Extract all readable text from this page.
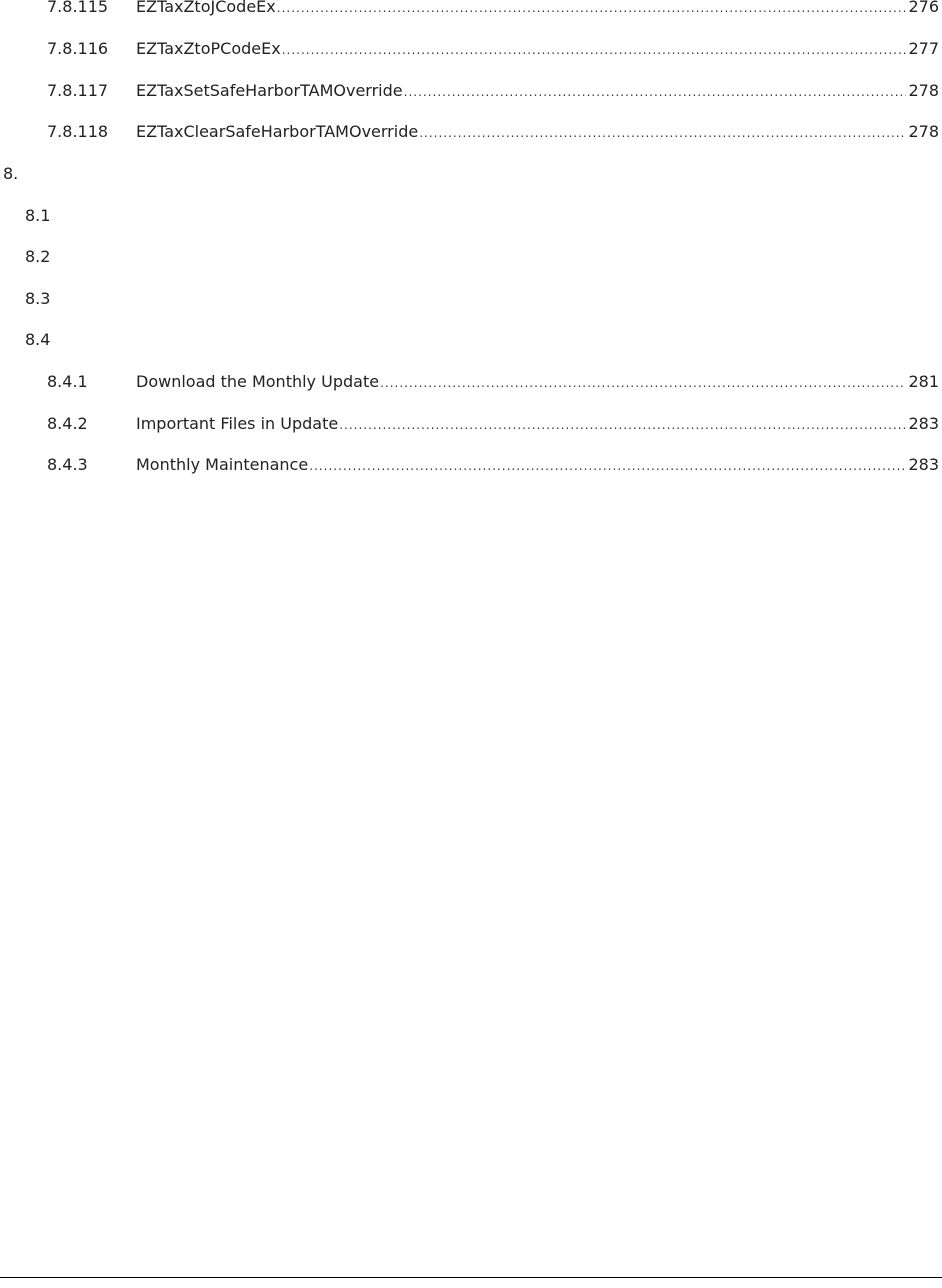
7.8.115 EZTaxZtoJCodeEx .....	276
7.8.116 EZTaxZtoPCodeEx .....	277
7.8.117 EZTaxSetSafeHarborTAMOverride .....	278
7.8.118 EZTaxClearSafeHarborTAMOverride .....	278
8.
8.1
8.2
8.3
8.4
8.4.1	Download the Monthly Update .....	281
8.4.2	Important Files in Update .....	283
8.4.3	Monthly Maintenance .....	283
